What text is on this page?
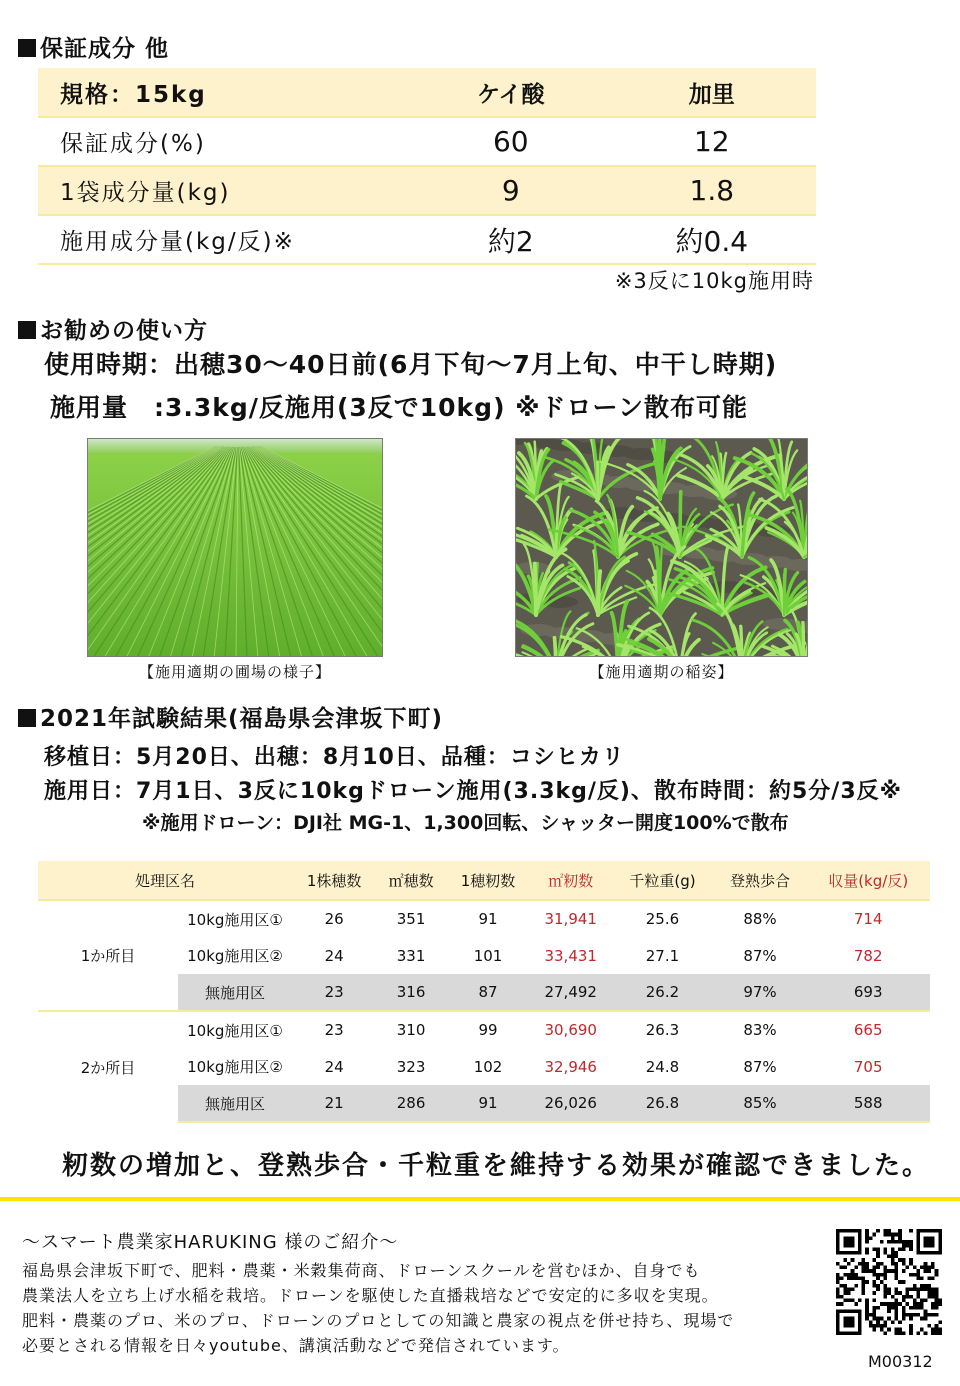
保証成分 他
規格：15kg	ケイ酸	加里
保証成分(%)	60	12
1袋成分量(kg)	9	1.8
施用成分量(kg/反)※	約2	約0.4
※3反に10kg施用時
お勧めの使い方
使用時期：出穂30〜40日前(6月下旬〜7月上旬、中干し時期)
施用量　:3.3kg/反施用(3反で10kg) ※ドローン散布可能
【施用適期の圃場の様子】	【施用適期の稲姿】
2021年試験結果(福島県会津坂下町)
移植日：5月20日、出穂：8月10日、品種：コシヒカリ
施用日：7月1日、3反に10kgドローン施用(3.3kg/反)、散布時間：約5分/3反※
※施用ドローン：DJI社 MG-1、1,300回転、シャッター開度100%で散布
処理区名		1株穂数	㎡穂数	1穂籾数	㎡籾数	千粒重(g)	登熟歩合	収量(kg/反)
1か所目	10kg施用区①	26	351	91	31,941	25.6	88%	714
	10kg施用区②	24	331	101	33,431	27.1	87%	782
	無施用区	23	316	87	27,492	26.2	97%	693
2か所目	10kg施用区①	23	310	99	30,690	26.3	83%	665
	10kg施用区②	24	323	102	32,946	24.8	87%	705
	無施用区	21	286	91	26,026	26.8	85%	588
籾数の増加と、登熟歩合・千粒重を維持する効果が確認できました。
〜スマート農業家HARUKING 様のご紹介〜
福島県会津坂下町で、肥料・農薬・米穀集荷商、ドローンスクールを営むほか、自身でも
農業法人を立ち上げ水稲を栽培。ドローンを駆使した直播栽培などで安定的に多収を実現。
肥料・農薬のプロ、米のプロ、ドローンのプロとしての知識と農家の視点を併せ持ち、現場で
必要とされる情報を日々youtube、講演活動などで発信されています。
M00312
